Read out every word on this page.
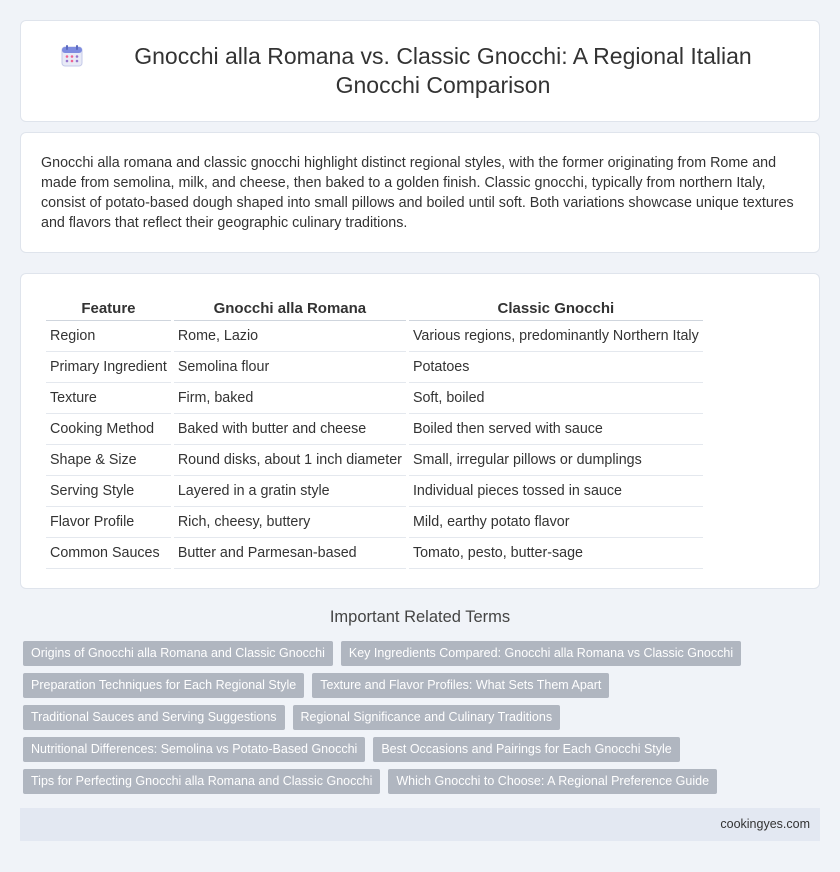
Gnocchi alla Romana vs. Classic Gnocchi: A Regional Italian Gnocchi Comparison

Gnocchi alla romana and classic gnocchi highlight distinct regional styles, with the former originating from Rome and made from semolina, milk, and cheese, then baked to a golden finish. Classic gnocchi, typically from northern Italy, consist of potato-based dough shaped into small pillows and boiled until soft. Both variations showcase unique textures and flavors that reflect their geographic culinary traditions.

Feature	Gnocchi alla Romana	Classic Gnocchi
Region	Rome, Lazio	Various regions, predominantly Northern Italy
Primary Ingredient	Semolina flour	Potatoes
Texture	Firm, baked	Soft, boiled
Cooking Method	Baked with butter and cheese	Boiled then served with sauce
Shape & Size	Round disks, about 1 inch diameter	Small, irregular pillows or dumplings
Serving Style	Layered in a gratin style	Individual pieces tossed in sauce
Flavor Profile	Rich, cheesy, buttery	Mild, earthy potato flavor
Common Sauces	Butter and Parmesan-based	Tomato, pesto, butter-sage
Important Related Terms
Origins of Gnocchi alla Romana and Classic Gnocchi	Key Ingredients Compared: Gnocchi alla Romana vs Classic Gnocchi
Preparation Techniques for Each Regional Style	Texture and Flavor Profiles: What Sets Them Apart
Traditional Sauces and Serving Suggestions	Regional Significance and Culinary Traditions
Nutritional Differences: Semolina vs Potato-Based Gnocchi	Best Occasions and Pairings for Each Gnocchi Style
Tips for Perfecting Gnocchi alla Romana and Classic Gnocchi	Which Gnocchi to Choose: A Regional Preference Guide
cookingyes.com
